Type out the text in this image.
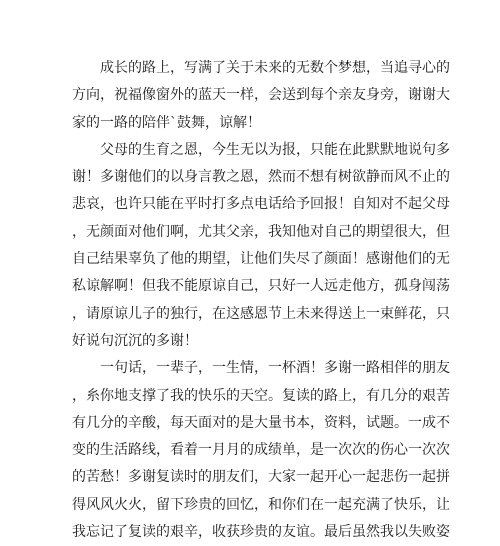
成长的路上，写满了关于未来的无数个梦想，当追寻心的
方向，祝福像窗外的蓝天一样，会送到每个亲友身旁，谢谢大
家的一路的陪伴`鼓舞，谅解！
父母的生育之恩，今生无以为报，只能在此默默地说句多
谢！多谢他们的以身言教之恩，然而不想有树欲静而风不止的
悲哀，也许只能在平时打多点电话给予回报！自知对不起父母
，无颜面对他们啊，尤其父亲，我知他对自己的期望很大，但
自己结果辜负了他的期望，让他们失尽了颜面！感谢他们的无
私谅解啊！但我不能原谅自己，只好一人远走他方，孤身闯荡
，请原谅儿子的独行，在这感恩节上未来得送上一束鲜花，只
好说句沉沉的多谢！
一句话，一辈子，一生情，一杯酒！多谢一路相伴的朋友
，糸你地支撑了我的快乐的天空。复读的路上，有几分的艰苦
有几分的辛酸，每天面对的是大量书本，资料，试题。一成不
变的生活路线，看着一月月的成绩单，是一次次的伤心一次次
的苦愁！多谢复读时的朋友们，大家一起开心一起悲伤一起拼
得风风火火，留下珍贵的回忆，和你们在一起充满了快乐，让
我忘记了复读的艰辛，收获珍贵的友谊。最后虽然我以失败姿
